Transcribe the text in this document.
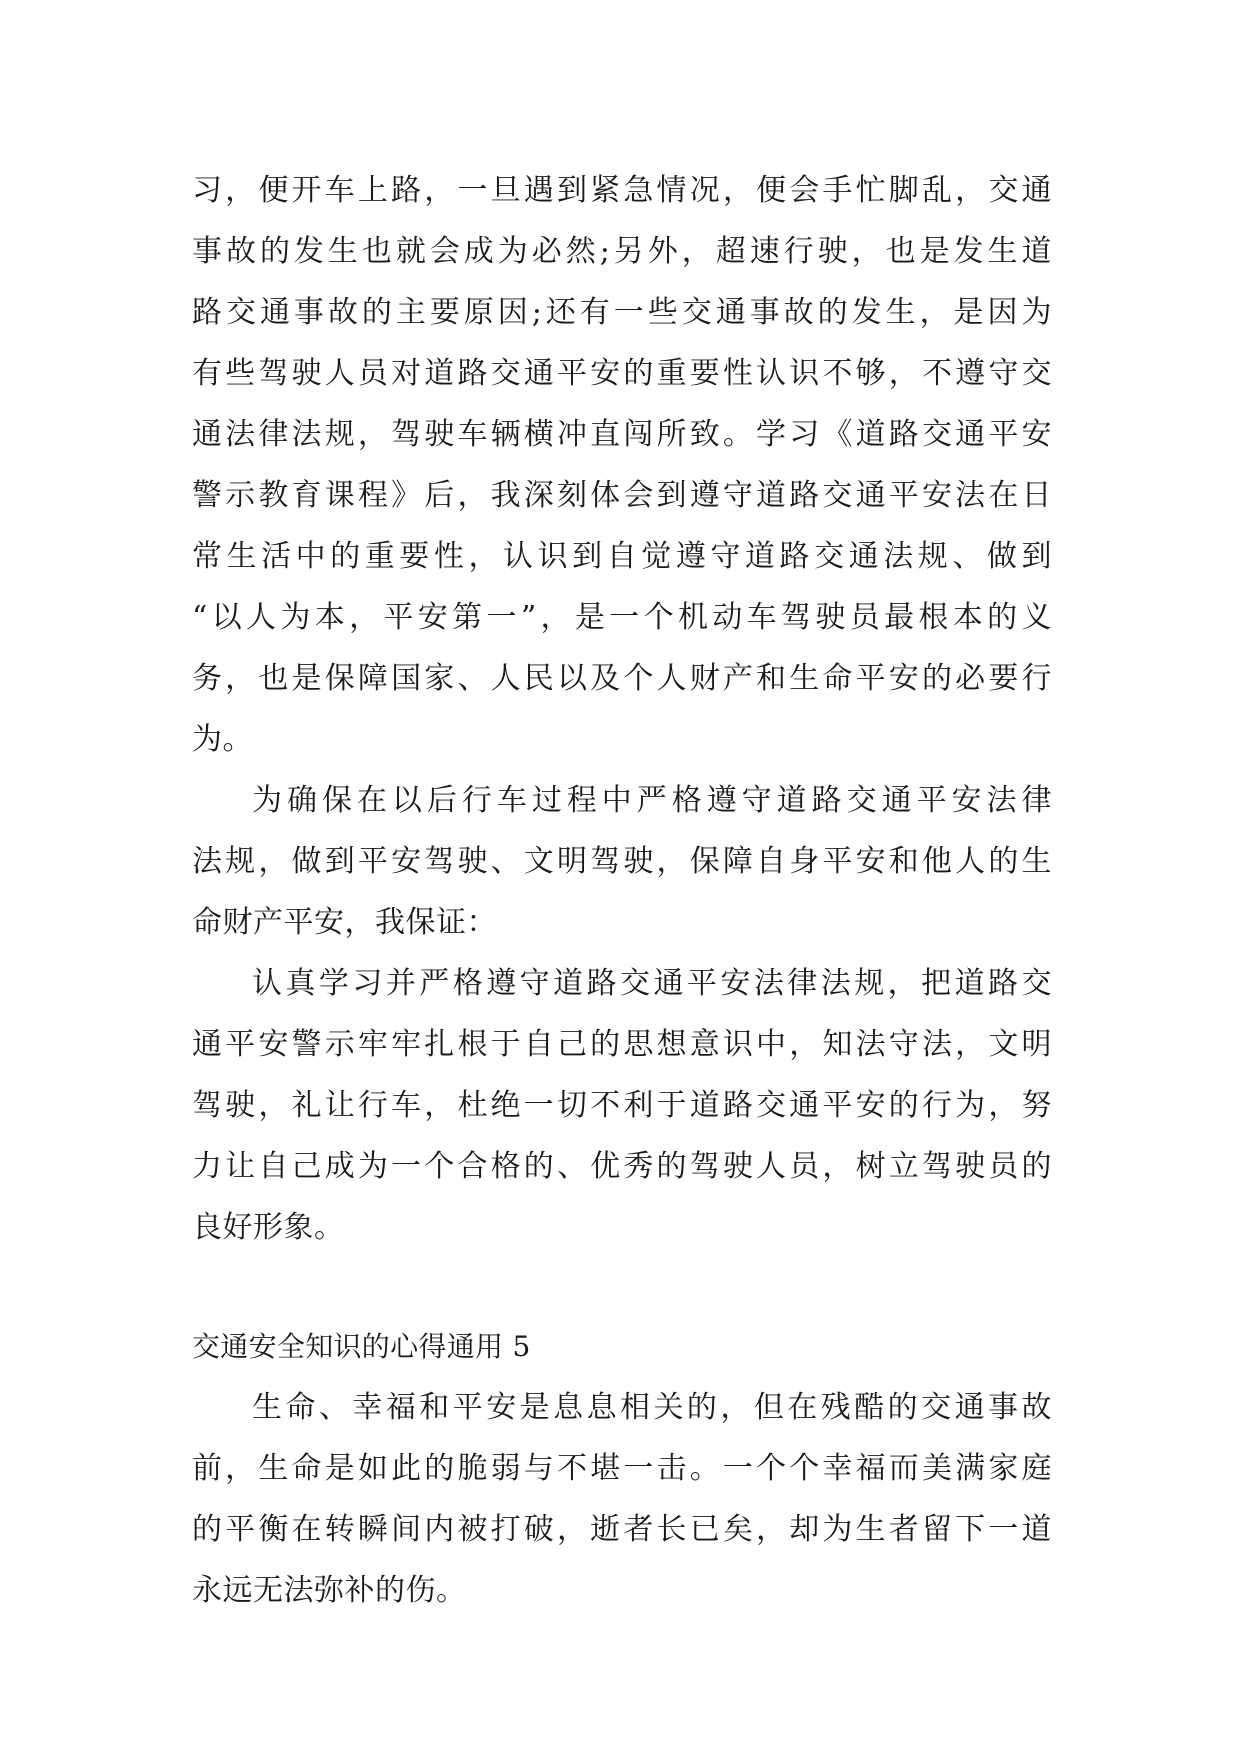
习，便开车上路，一旦遇到紧急情况，便会手忙脚乱，交通
事故的发生也就会成为必然;另外，超速行驶，也是发生道
路交通事故的主要原因;还有一些交通事故的发生，是因为
有些驾驶人员对道路交通平安的重要性认识不够，不遵守交
通法律法规，驾驶车辆横冲直闯所致。学习《道路交通平安
警示教育课程》后，我深刻体会到遵守道路交通平安法在日
常生活中的重要性，认识到自觉遵守道路交通法规、做到
“以人为本，平安第一”，是一个机动车驾驶员最根本的义
务，也是保障国家、人民以及个人财产和生命平安的必要行
为。
为确保在以后行车过程中严格遵守道路交通平安法律
法规，做到平安驾驶、文明驾驶，保障自身平安和他人的生
命财产平安，我保证：
认真学习并严格遵守道路交通平安法律法规，把道路交
通平安警示牢牢扎根于自己的思想意识中，知法守法，文明
驾驶，礼让行车，杜绝一切不利于道路交通平安的行为，努
力让自己成为一个合格的、优秀的驾驶人员，树立驾驶员的
良好形象。
交通安全知识的心得通用 5
生命、幸福和平安是息息相关的，但在残酷的交通事故
前，生命是如此的脆弱与不堪一击。一个个幸福而美满家庭
的平衡在转瞬间内被打破，逝者长已矣，却为生者留下一道
永远无法弥补的伤。
